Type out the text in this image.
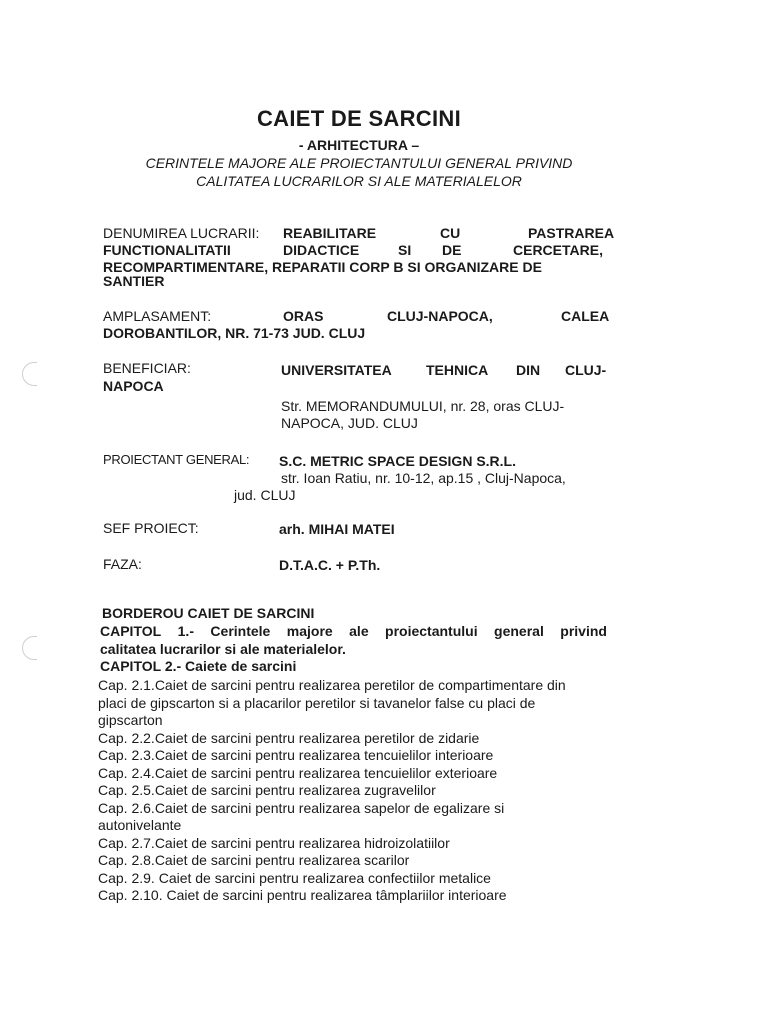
CAIET DE SARCINI
- ARHITECTURA –
CERINTELE MAJORE ALE PROIECTANTULUI GENERAL PRIVIND
CALITATEA LUCRARILOR SI ALE MATERIALELOR
DENUMIREA LUCRARII: REABILITARE	CU	PASTRAREA
FUNCTIONALITATII	DIDACTICE	SI DE	CERCETARE,
RECOMPARTIMENTARE, REPARATII CORP B SI ORGANIZARE DE
SANTIER
AMPLASAMENT:	ORAS	CLUJ-NAPOCA,	CALEA
DOROBANTILOR, NR. 71-73 JUD. CLUJ
BENEFICIAR:	UNIVERSITATEA TEHNICA DIN CLUJ-
NAPOCA
Str. MEMORANDUMULUI, nr. 28, oras CLUJ-
NAPOCA, JUD. CLUJ
PROIECTANT GENERAL: S.C. METRIC SPACE DESIGN S.R.L.
str. Ioan Ratiu, nr. 10-12, ap.15 , Cluj-Napoca,
jud. CLUJ
SEF PROIECT:	arh. MIHAI MATEI
FAZA:	D.T.A.C. + P.Th.
BORDEROU CAIET DE SARCINI
CAPITOL 1.- Cerintele majore ale proiectantului general privind
calitatea lucrarilor si ale materialelor.
CAPITOL 2.- Caiete de sarcini
Cap. 2.1.Caiet de sarcini pentru realizarea peretilor de compartimentare din
placi de gipscarton si a placarilor peretilor si tavanelor false cu placi de
gipscarton
Cap. 2.2.Caiet de sarcini pentru realizarea peretilor de zidarie
Cap. 2.3.Caiet de sarcini pentru realizarea tencuielilor interioare
Cap. 2.4.Caiet de sarcini pentru realizarea tencuielilor exterioare
Cap. 2.5.Caiet de sarcini pentru realizarea zugravelilor
Cap. 2.6.Caiet de sarcini pentru realizarea sapelor de egalizare si
autonivelante
Cap. 2.7.Caiet de sarcini pentru realizarea hidroizolatiilor
Cap. 2.8.Caiet de sarcini pentru realizarea scarilor
Cap. 2.9. Caiet de sarcini pentru realizarea confectiilor metalice
Cap. 2.10. Caiet de sarcini pentru realizarea tâmplariilor interioare
